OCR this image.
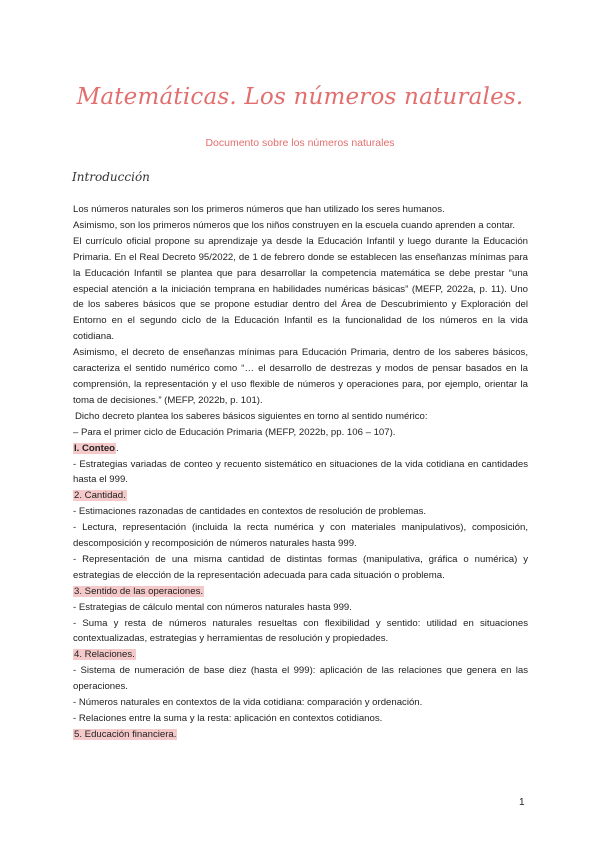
Matemáticas. Los números naturales.
Documento sobre los números naturales
Introducción

Los números naturales son los primeros números que han utilizado los seres humanos.

Asimismo, son los primeros números que los niños construyen en la escuela cuando aprenden a contar.

El currículo oficial propone su aprendizaje ya desde la Educación Infantil y luego durante la Educación Primaria. En el Real Decreto 95/2022, de 1 de febrero donde se establecen las enseñanzas mínimas para la Educación Infantil se plantea que para desarrollar la competencia matemática se debe prestar “una especial atención a la iniciación temprana en habilidades numéricas básicas” (MEFP, 2022a, p. 11). Uno de los saberes básicos que se propone estudiar dentro del Área de Descubrimiento y Exploración del Entorno en el segundo ciclo de la Educación Infantil es la funcionalidad de los números en la vida cotidiana.

Asimismo, el decreto de enseñanzas mínimas para Educación Primaria, dentro de los saberes básicos, caracteriza el sentido numérico como “… el desarrollo de destrezas y modos de pensar basados en la comprensión, la representación y el uso flexible de números y operaciones para, por ejemplo, orientar la toma de decisiones.” (MEFP, 2022b, p. 101).

Dicho decreto plantea los saberes básicos siguientes en torno al sentido numérico:

– Para el primer ciclo de Educación Primaria (MEFP, 2022b, pp. 106 – 107).

I. Conteo.

- Estrategias variadas de conteo y recuento sistemático en situaciones de la vida cotidiana en cantidades hasta el 999.

2. Cantidad.

- Estimaciones razonadas de cantidades en contextos de resolución de problemas.

- Lectura, representación (incluida la recta numérica y con materiales manipulativos), composición, descomposición y recomposición de números naturales hasta 999.

- Representación de una misma cantidad de distintas formas (manipulativa, gráfica o numérica) y estrategias de elección de la representación adecuada para cada situación o problema.

3. Sentido de las operaciones.

- Estrategias de cálculo mental con números naturales hasta 999.

- Suma y resta de números naturales resueltas con flexibilidad y sentido: utilidad en situaciones contextualizadas, estrategias y herramientas de resolución y propiedades.

4. Relaciones.

- Sistema de numeración de base diez (hasta el 999): aplicación de las relaciones que genera en las operaciones.

- Números naturales en contextos de la vida cotidiana: comparación y ordenación.

- Relaciones entre la suma y la resta: aplicación en contextos cotidianos.

5. Educación financiera.

1
